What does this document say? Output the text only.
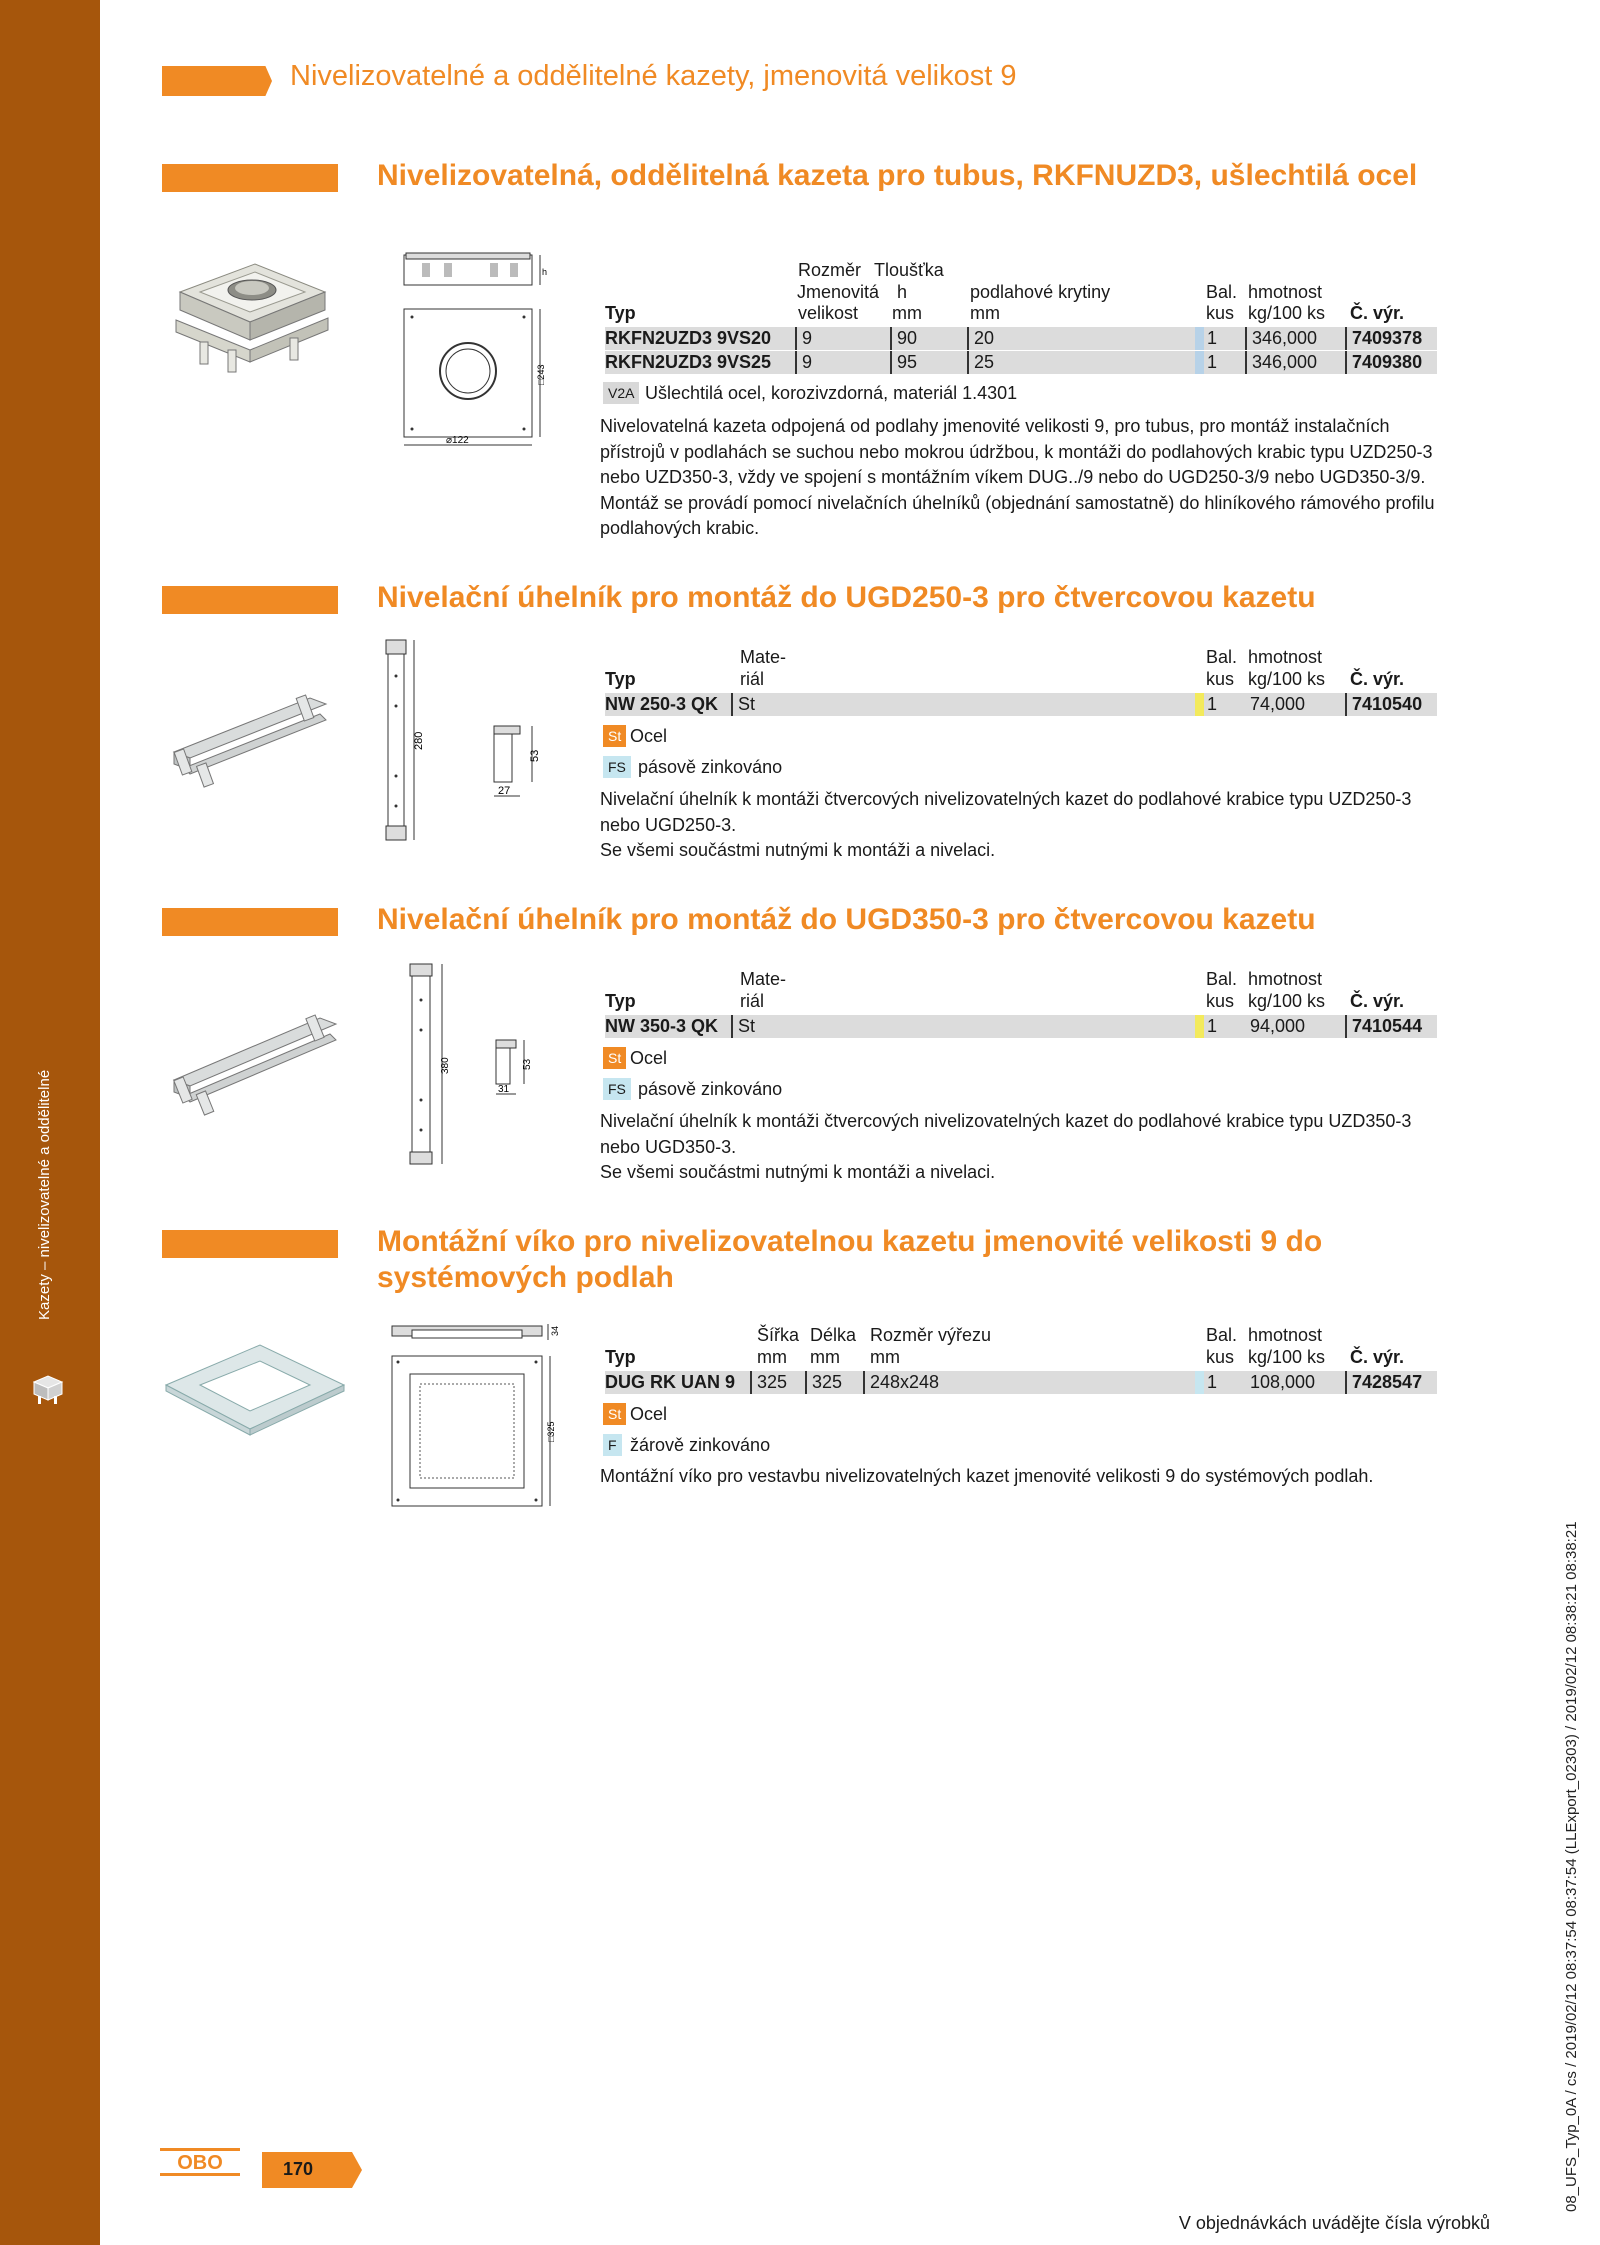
Kazety – nivelizovatelné a oddělitelné
Nivelizovatelné a oddělitelné kazety, jmenovitá velikost 9
Nivelizovatelná, oddělitelná kazeta pro tubus, RKFNUZD3, ušlechtilá ocel
h
□243
⌀122
Rozměr Tloušťka
Jmenovitá h	podlahové krytiny	Bal. hmotnost
Typ	velikost mm	mm	kus kg/100 ks Č. výr.
RKFN2UZD3 9VS20	9	90	20	1	346,000	7409378
RKFN2UZD3 9VS25	9	95	25	1	346,000	7409380
V2A Ušlechtilá ocel, korozivzdorná, materiál 1.4301

Nivelovatelná kazeta odpojená od podlahy jmenovité velikosti 9, pro tubus, pro montáž instalačních přístrojů v podlahách se suchou nebo mokrou údržbou, k montáži do podlahových krabic typu UZD250-3 nebo UZD350-3, vždy ve spojení s montážním víkem DUG../9 nebo do UGD250-3/9 nebo UGD350-3/9. Montáž se provádí pomocí nivelačních úhelníků (objednání samostatně) do hliníkového rámového profilu podlahových krabic.

Nivelační úhelník pro montáž do UGD250-3 pro čtvercovou kazetu
280
53
27
Mate-	Bal. hmotnost
Typ	riál	kus kg/100 ks Č. výr.
NW 250-3 QK	St	1 74,000	7410540
St Ocel
FS pásově zinkováno

Nivelační úhelník k montáži čtvercových nivelizovatelných kazet do podlahové krabice typu UZD250-3 nebo UGD250-3.

Se všemi součástmi nutnými k montáži a nivelaci.

Nivelační úhelník pro montáž do UGD350-3 pro čtvercovou kazetu
380	53
31
Mate-	Bal. hmotnost
Typ	riál	kus kg/100 ks Č. výr.
NW 350-3 QK	St	1 94,000	7410544
St Ocel
FS pásově zinkováno

Nivelační úhelník k montáži čtvercových nivelizovatelných kazet do podlahové krabice typu UZD350-3 nebo UGD350-3.

Se všemi součástmi nutnými k montáži a nivelaci.

Montážní víko pro nivelizovatelnou kazetu jmenovité velikosti 9 do systémových podlah
34
□325
Šířka Délka Rozměr výřezu	Bal. hmotnost
Typ	mm mm mm	kus kg/100 ks Č. výr.
DUG RK UAN 9	325	325	248x248	1 108,000	7428547
St Ocel
F žárově zinkováno

Montážní víko pro vestavbu nivelizovatelných kazet jmenovité velikosti 9 do systémových podlah.

OBO	170
V objednávkách uvádějte čísla výrobků
08_UFS_Typ_0A / cs / 2019/02/12 08:37:54 08:37:54 (LLExport_02303) / 2019/02/12 08:38:21 08:38:21
